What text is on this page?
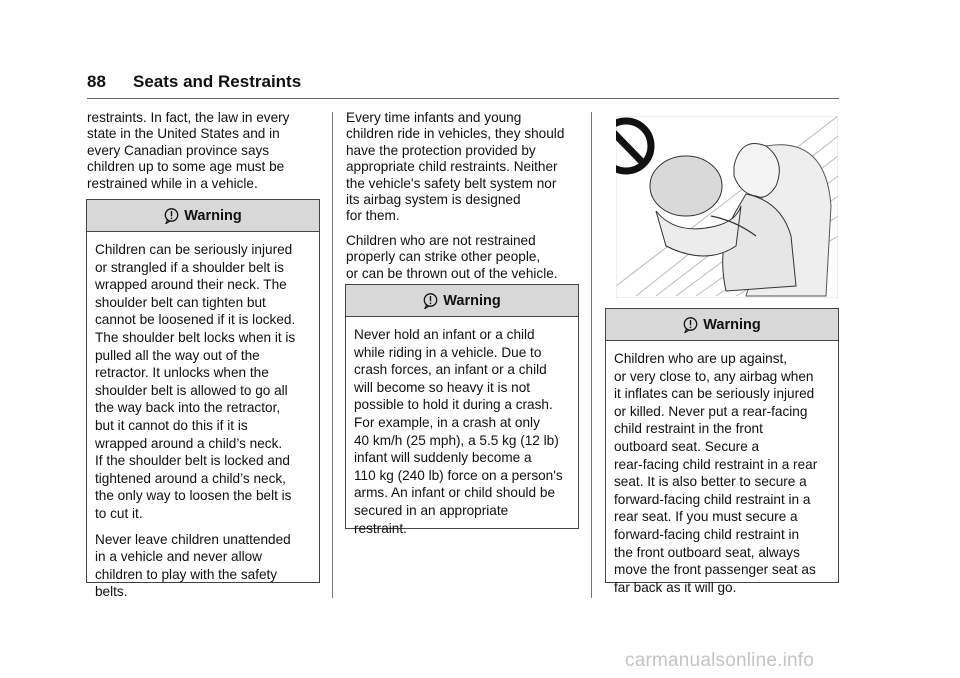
88 Seats and Restraints

restraints. In fact, the law in every
state in the United States and in
every Canadian province says
children up to some age must be
restrained while in a vehicle.

Warning

Children can be seriously injured
or strangled if a shoulder belt is
wrapped around their neck. The
shoulder belt can tighten but
cannot be loosened if it is locked.
The shoulder belt locks when it is
pulled all the way out of the
retractor. It unlocks when the
shoulder belt is allowed to go all
the way back into the retractor,
but it cannot do this if it is
wrapped around a child’s neck.
If the shoulder belt is locked and
tightened around a child’s neck,
the only way to loosen the belt is
to cut it.

Never leave children unattended
in a vehicle and never allow
children to play with the safety
belts.

Every time infants and young
children ride in vehicles, they should
have the protection provided by
appropriate child restraints. Neither
the vehicle's safety belt system nor
its airbag system is designed
for them.

Children who are not restrained
properly can strike other people,
or can be thrown out of the vehicle.

Warning

Never hold an infant or a child
while riding in a vehicle. Due to
crash forces, an infant or a child
will become so heavy it is not
possible to hold it during a crash.
For example, in a crash at only
40 km/h (25 mph), a 5.5 kg (12 lb)
infant will suddenly become a
110 kg (240 lb) force on a person's
arms. An infant or child should be
secured in an appropriate
restraint.

Warning

Children who are up against,
or very close to, any airbag when
it inflates can be seriously injured
or killed. Never put a rear-facing
child restraint in the front
outboard seat. Secure a
rear-facing child restraint in a rear
seat. It is also better to secure a
forward-facing child restraint in a
rear seat. If you must secure a
forward-facing child restraint in
the front outboard seat, always
move the front passenger seat as
far back as it will go.

carmanualsonline.info
